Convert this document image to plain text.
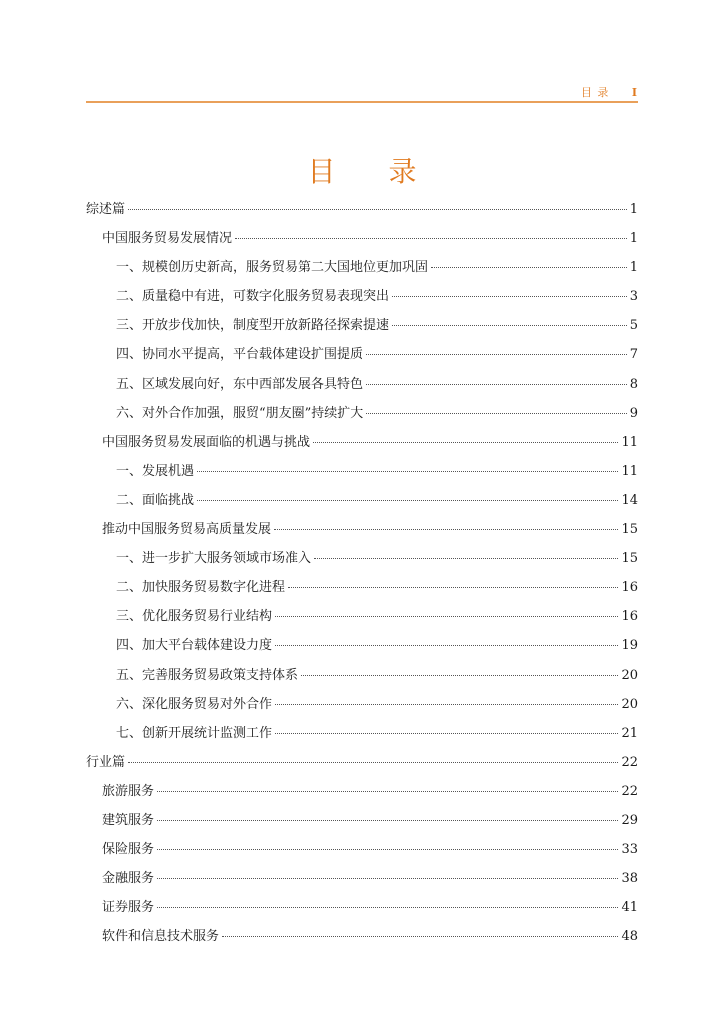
目 录 I
目 录
综述篇	1
中国服务贸易发展情况	1
一、规模创历史新高，服务贸易第二大国地位更加巩固	1
二、质量稳中有进，可数字化服务贸易表现突出	3
三、开放步伐加快，制度型开放新路径探索提速	5
四、协同水平提高，平台载体建设扩围提质	7
五、区域发展向好，东中西部发展各具特色	8
六、对外合作加强，服贸“朋友圈”持续扩大	9
中国服务贸易发展面临的机遇与挑战	11
一、发展机遇	11
二、面临挑战	14
推动中国服务贸易高质量发展	15
一、进一步扩大服务领域市场准入	15
二、加快服务贸易数字化进程	16
三、优化服务贸易行业结构	16
四、加大平台载体建设力度	19
五、完善服务贸易政策支持体系	20
六、深化服务贸易对外合作	20
七、创新开展统计监测工作	21
行业篇	22
旅游服务	22
建筑服务	29
保险服务	33
金融服务	38
证券服务	41
软件和信息技术服务	48
